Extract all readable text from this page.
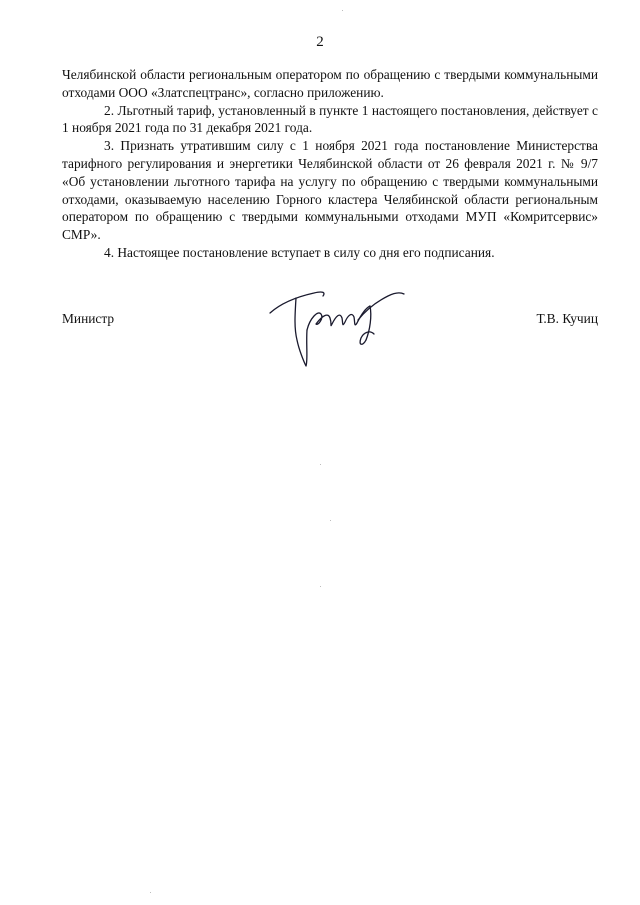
2

Челябинской области региональным оператором по обращению с твердыми коммунальными отходами ООО «Златспецтранс», согласно приложению.

2. Льготный тариф, установленный в пункте 1 настоящего постановления, действует с 1 ноября 2021 года по 31 декабря 2021 года.

3. Признать утратившим силу с 1 ноября 2021 года постановление Министерства тарифного регулирования и энергетики Челябинской области от 26 февраля 2021 г. № 9/7 «Об установлении льготного тарифа на услугу по обращению с твердыми коммунальными отходами, оказываемую населению Горного кластера Челябинской области региональным оператором по обращению с твердыми коммунальными отходами МУП «Комритсервис» СМР».

4. Настоящее постановление вступает в силу со дня его подписания.

Министр	Т.В. Кучиц
